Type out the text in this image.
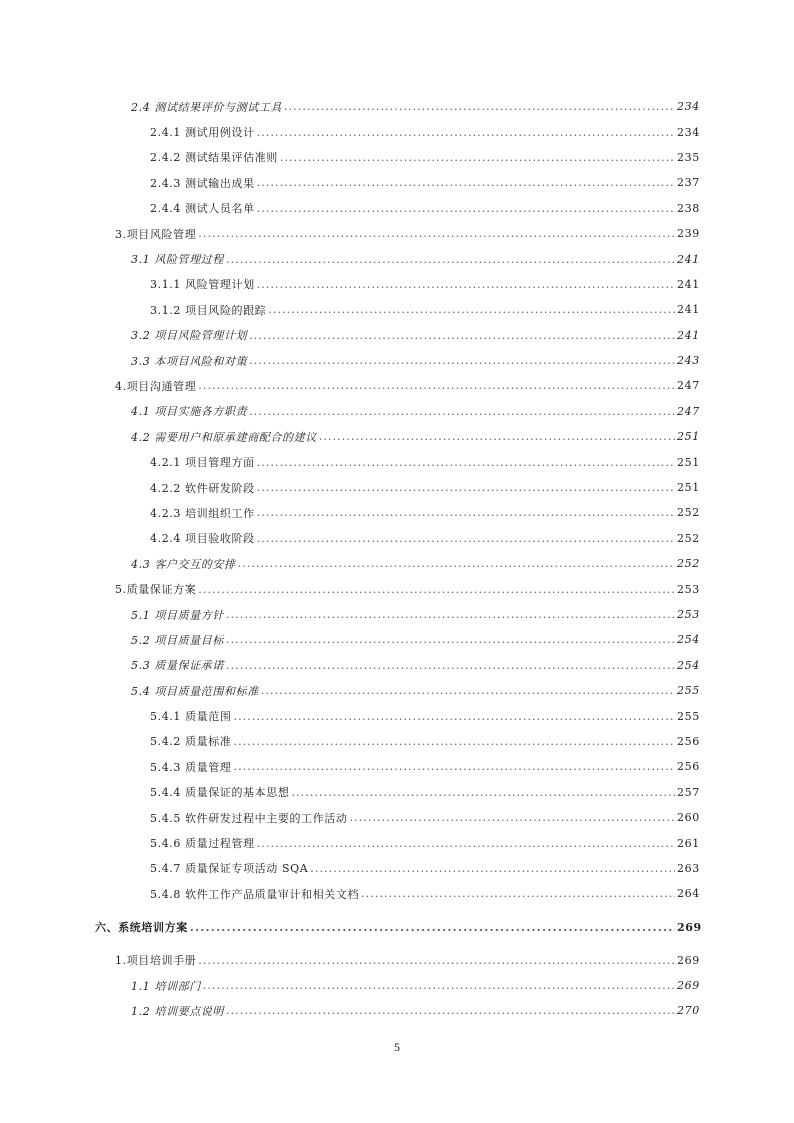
2.4 测试结果评价与测试工具 . . .	234
2.4.1 测试用例设计 . . .	234
2.4.2 测试结果评估准则 . . .	235
2.4.3 测试输出成果 . . .	237
2.4.4 测试人员名单 . . .	238
3.项目风险管理 . . .	239
3.1 风险管理过程 . . .	241
3.1.1 风险管理计划 . . .	241
3.1.2 项目风险的跟踪 . . .	241
3.2 项目风险管理计划 . . .	241
3.3 本项目风险和对策 . . .	243
4.项目沟通管理 . . .	247
4.1 项目实施各方职责 . . .	247
4.2 需要用户和原承建商配合的建议 . . .	251
4.2.1 项目管理方面 . . .	251
4.2.2 软件研发阶段 . . .	251
4.2.3 培训组织工作 . . .	252
4.2.4 项目验收阶段 . . .	252
4.3 客户交互的安排 . . .	252
5.质量保证方案 . . .	253
5.1 项目质量方针 . . .	253
5.2 项目质量目标 . . .	254
5.3 质量保证承诺 . . .	254
5.4 项目质量范围和标准 . . .	255
5.4.1 质量范围 . . .	255
5.4.2 质量标准 . . .	256
5.4.3 质量管理 . . .	256
5.4.4 质量保证的基本思想 . . .	257
5.4.5 软件研发过程中主要的工作活动 . . .	260
5.4.6 质量过程管理 . . .	261
5.4.7 质量保证专项活动 SQA . . .	263
5.4.8 软件工作产品质量审计和相关文档 . . .	264
六、系统培训方案 . . .	269
1.项目培训手册 . . .	269
1.1 培训部门 . . .	269
1.2 培训要点说明 . . .	270
5
